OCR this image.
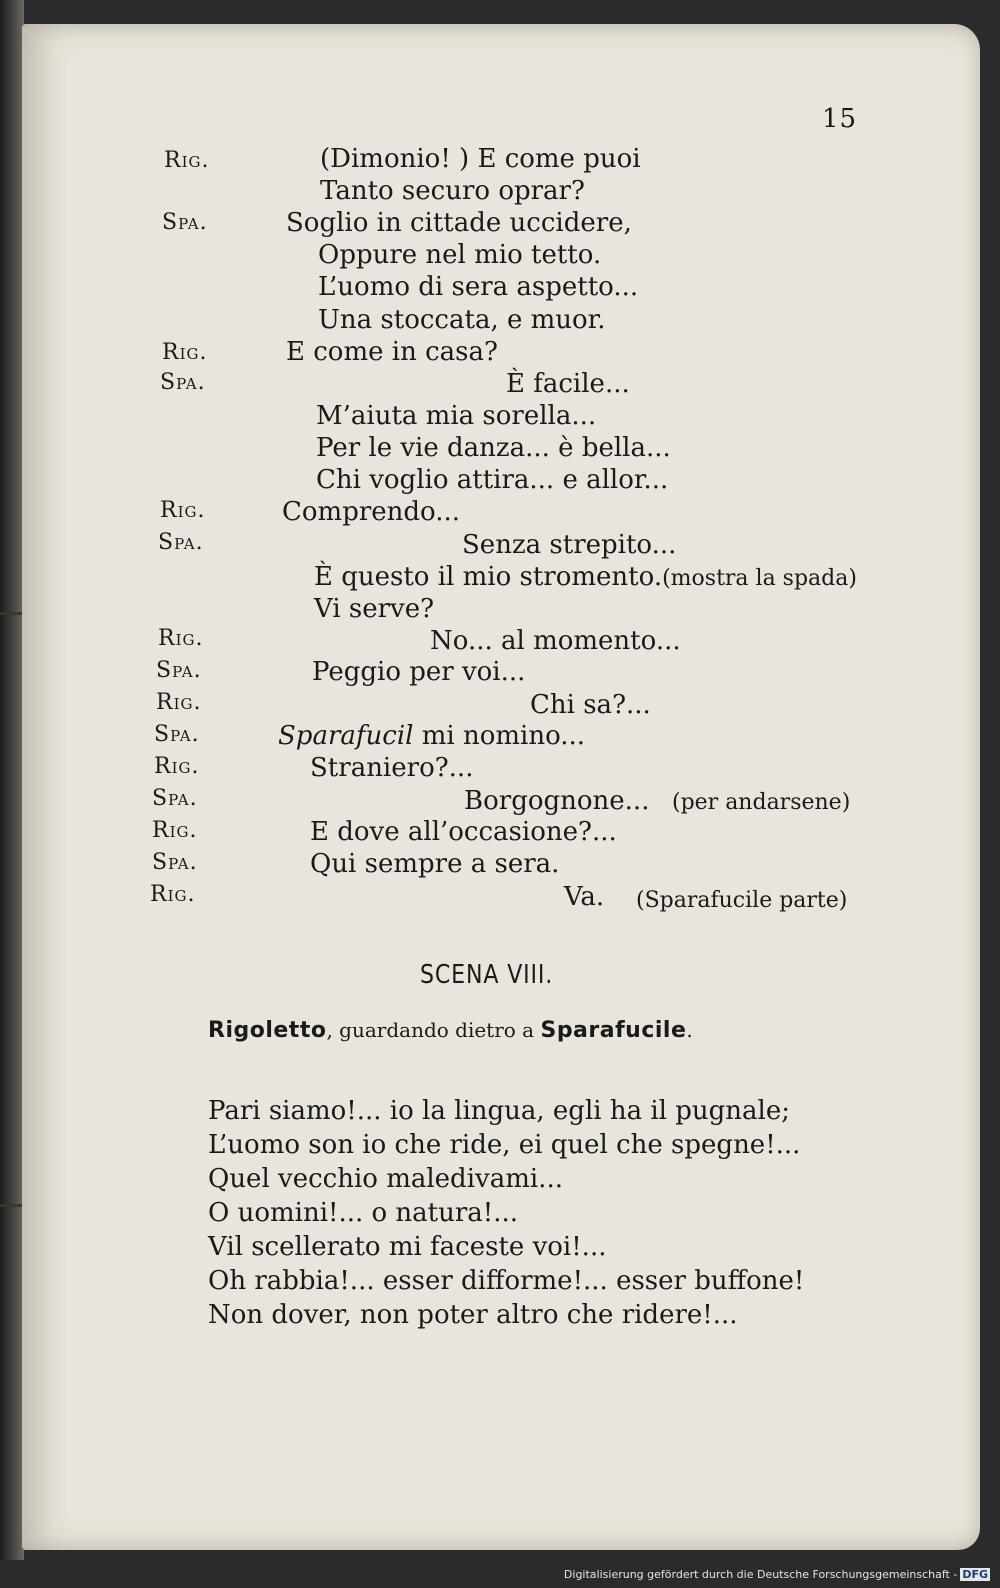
15
Rig.	(Dimonio! ) E come puoi
Tanto securo oprar?
Spa.	Soglio in cittade uccidere,
Oppure nel mio tetto.
L’uomo di sera aspetto...
Una stoccata, e muor.
Rig.	E come in casa?
Spa.	È facile...
M’aiuta mia sorella...
Per le vie danza... è bella...
Chi voglio attira... e allor...
Rig.	Comprendo...
Spa.	Senza strepito...
È questo il mio stromento.(mostra la spada)
Vi serve?
Rig.	No... al momento...
Spa.	Peggio per voi...
Rig.	Chi sa?...
Spa.	Sparafucil mi nomino...
Rig.	Straniero?...
Spa.	Borgognone... (per andarsene)
Rig.	E dove all’occasione?...
Spa.	Qui sempre a sera.
Rig.	Va. (Sparafucile parte)
SCENA VIII.
Rigoletto, guardando dietro a Sparafucile.
Pari siamo!... io la lingua, egli ha il pugnale;
L’uomo son io che ride, ei quel che spegne!...
Quel vecchio maledivami...
O uomini!... o natura!...
Vil scellerato mi faceste voi!...
Oh rabbia!... esser difforme!... esser buffone!
Non dover, non poter altro che ridere!...
Digitalisierung gefördert durch die Deutsche Forschungsgemeinschaft - DFG
